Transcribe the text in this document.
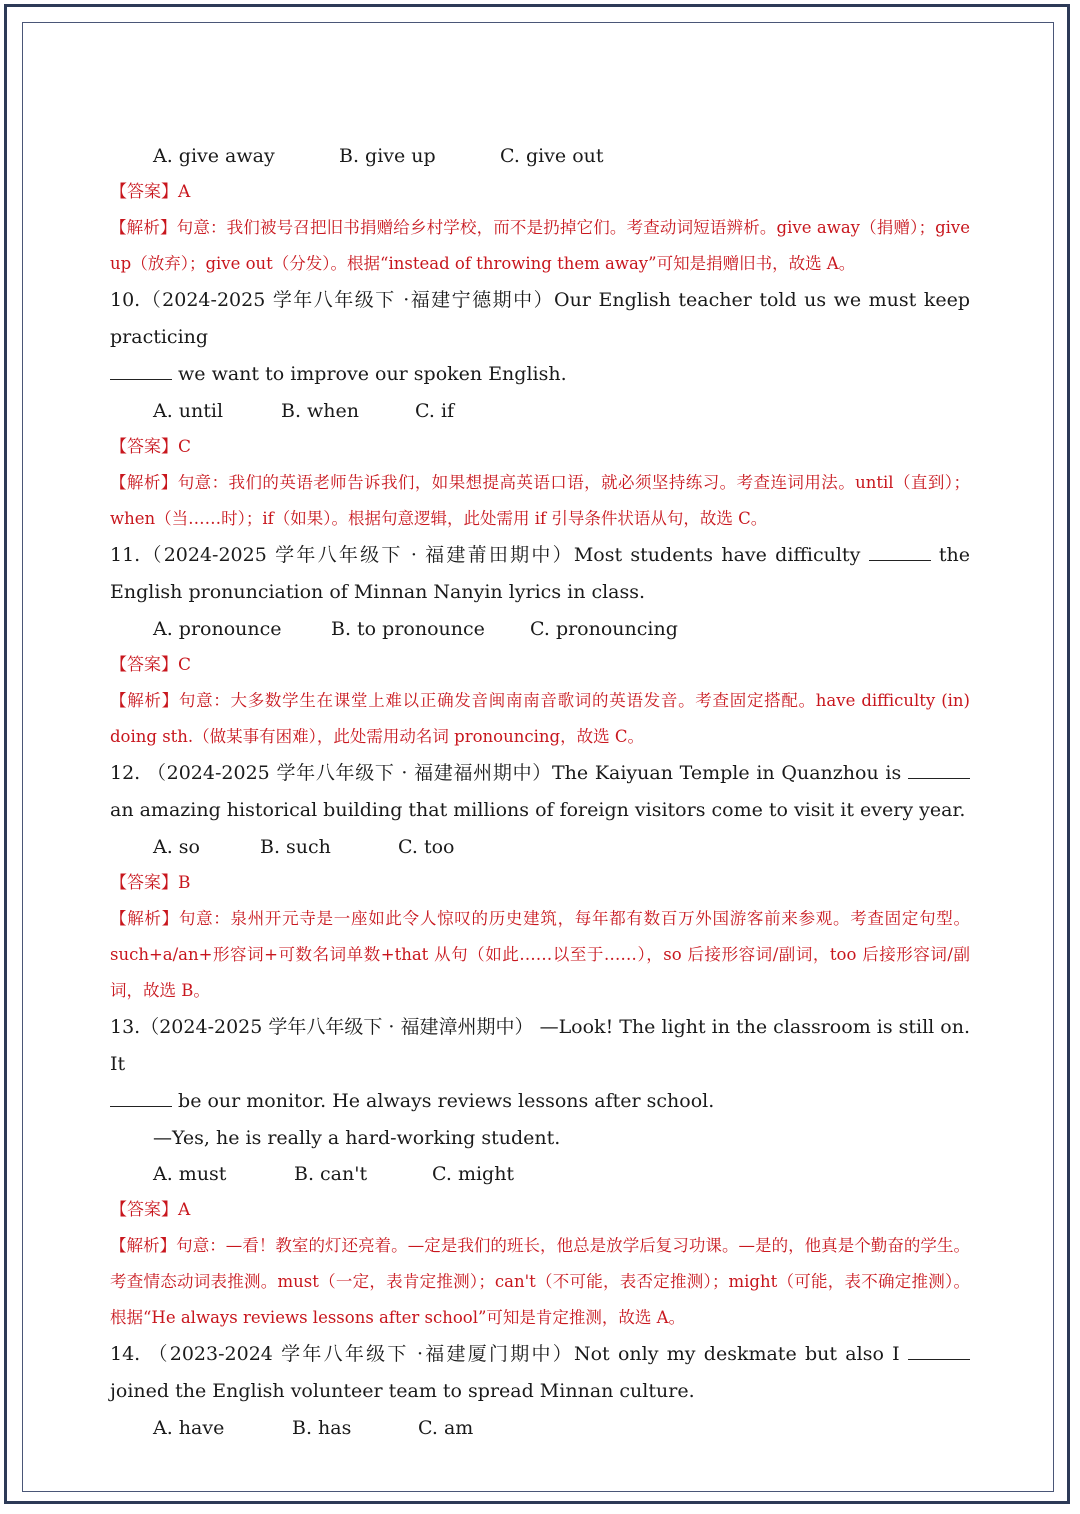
A. give away	B. give up	C. give out
【答案】A
【解析】句意：我们被号召把旧书捐赠给乡村学校，而不是扔掉它们。考查动词短语辨析。give away（捐赠）；give up（放弃）；give out（分发）。根据“instead of throwing them away”可知是捐赠旧书，故选 A。
10.（2024-2025 学年八年级下 ·福建宁德期中）Our English teacher told us we must keep practicing
we want to improve our spoken English.
A. until	B. when	C. if
【答案】C
【解析】句意：我们的英语老师告诉我们，如果想提高英语口语，就必须坚持练习。考查连词用法。until（直到）；when（当……时）；if（如果）。根据句意逻辑，此处需用 if 引导条件状语从句，故选 C。
11.（2024-2025 学年八年级下 · 福建莆田期中）Most students have difficulty	the English pronunciation of Minnan Nanyin lyrics in class.
A. pronounce	B. to pronounce C. pronouncing
【答案】C
【解析】句意：大多数学生在课堂上难以正确发音闽南南音歌词的英语发音。考查固定搭配。have difficulty (in) doing sth.（做某事有困难），此处需用动名词 pronouncing，故选 C。
12. （2024-2025 学年八年级下 · 福建福州期中）The Kaiyuan Temple in Quanzhou is  an amazing historical building that millions of foreign visitors come to visit it every year.
A. so	B. such	C. too
【答案】B
【解析】句意：泉州开元寺是一座如此令人惊叹的历史建筑，每年都有数百万外国游客前来参观。考查固定句型。such+a/an+形容词+可数名词单数+that 从句（如此……以至于……），so 后接形容词/副词，too 后接形容词/副词，故选 B。
13.（2024-2025 学年八年级下 · 福建漳州期中） —Look! The light in the classroom is still on. It
be our monitor. He always reviews lessons after school.
—Yes, he is really a hard-working student.
A. must	B. can't	C. might
【答案】A
【解析】句意：—看！教室的灯还亮着。—定是我们的班长，他总是放学后复习功课。—是的，他真是个勤奋的学生。考查情态动词表推测。must（一定，表肯定推测）；can't（不可能，表否定推测）；might（可能，表不确定推测）。根据“He always reviews lessons after school”可知是肯定推测，故选 A。
14. （2023-2024 学年八年级下 ·福建厦门期中）Not only my deskmate but also I  joined the English volunteer team to spread Minnan culture.
A. have	B. has	C. am
